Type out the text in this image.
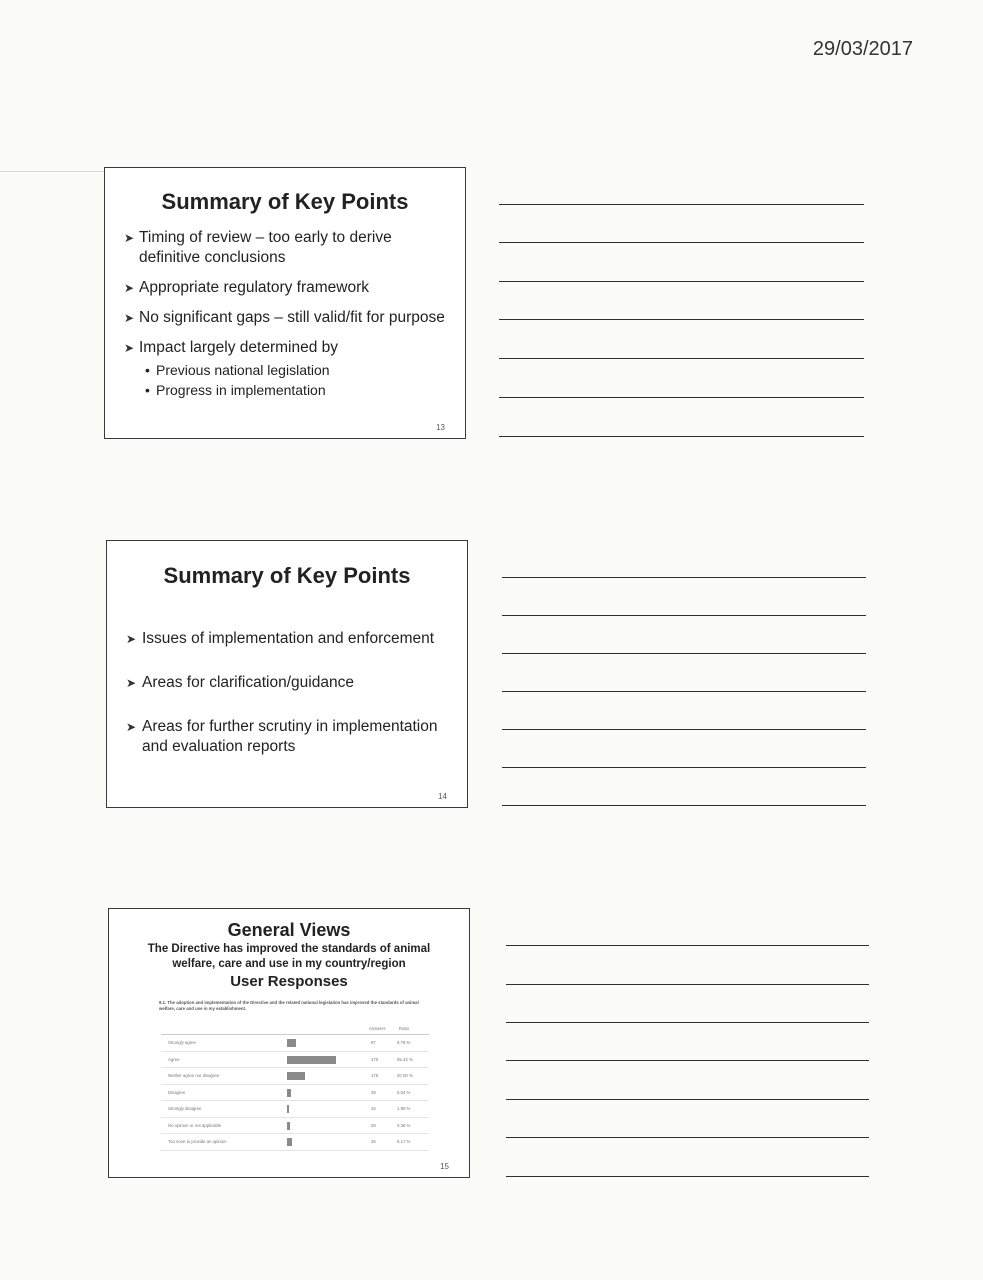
29/03/2017
Summary of Key Points
➤ Timing of review – too early to derive definitive conclusions
➤ Appropriate regulatory framework
➤ No significant gaps – still valid/fit for purpose
➤ Impact largely determined by
• Previous national legislation
• Progress in implementation
13
Summary of Key Points
➤ Issues of implementation and enforcement
➤ Areas for clarification/guidance
➤ Areas for further scrutiny in implementation and evaluation reports
14
General Views
The Directive has improved the standards of animal welfare, care and use in my country/region
User Responses
9.1. The adoption and implementation of the Directive and the related national legislation has improved the standards of animal welfare, care and use in my establishment.
Answers	Ratio
Strongly agree	87	9.79 %
Agree	470	55.43 %
Neither agree nor disagree	176	20.00 %
Disagree	39	5.04 %
Strongly disagree	16	1.89 %
No opinion or not applicable	29	3.36 %
Too soon to provide an opinion	45	5.17 %
15
